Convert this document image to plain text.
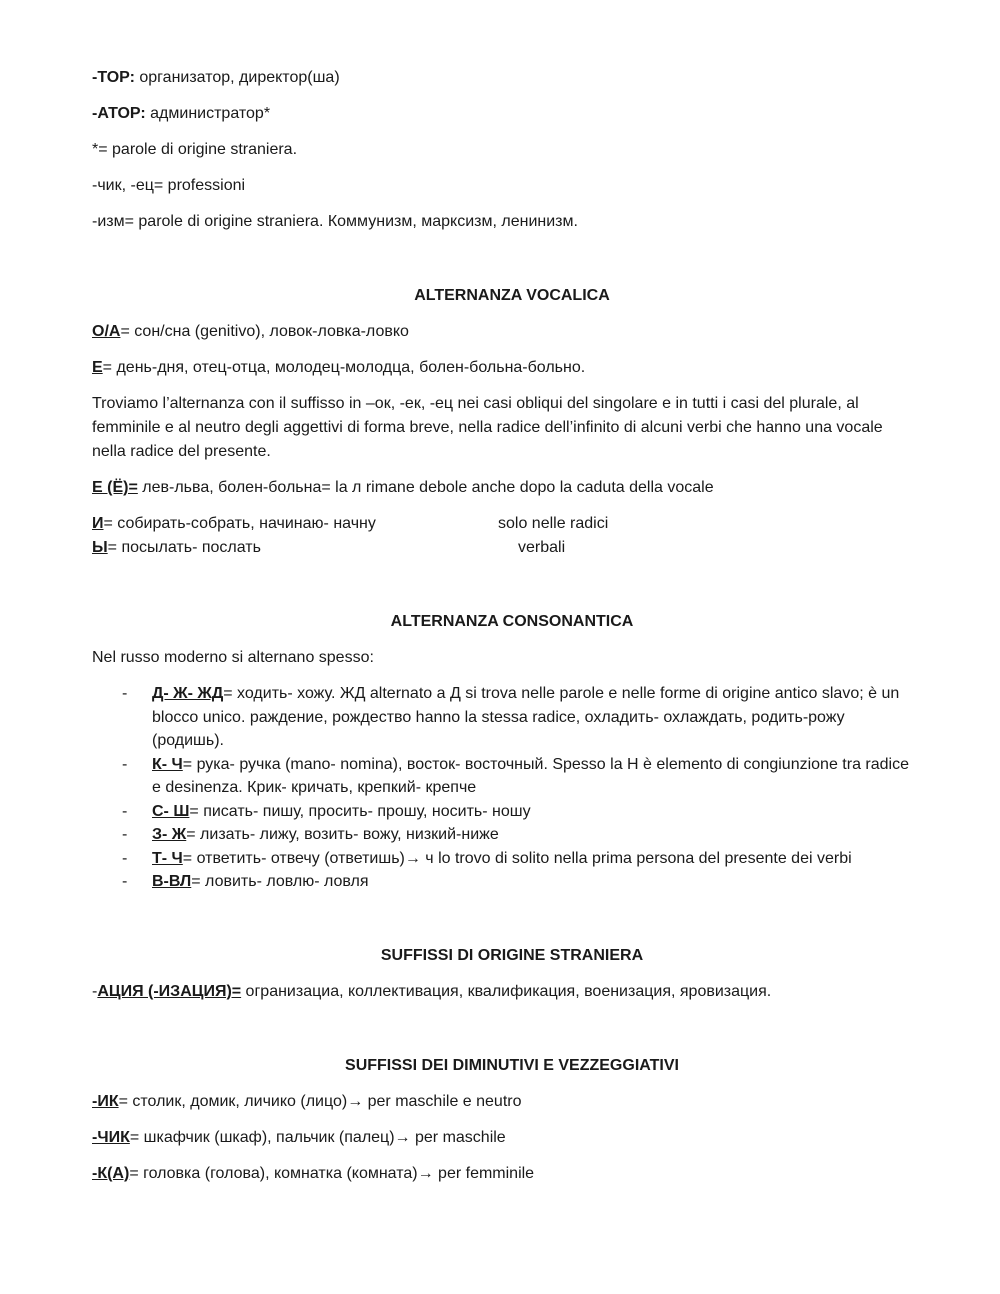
-ТОР: организатор, директор(ша)

-АТОР: администратор*

*= parole di origine straniera.

-чик, -ец= professioni

-изм= parole di origine straniera. Коммунизм, марксизм, ленинизм.

ALTERNANZA VOCALICA

О/А= сон/сна (genitivo), ловок-ловка-ловко

Е= день-дня, отец-отца, молодец-молодца, болен-больна-больно.

Troviamo l’alternanza con il suffisso in –ок, -ек, -ец nei casi obliqui del singolare e in tutti i casi del plurale, al

femminile e al neutro degli aggettivi di forma breve, nella radice dell’infinito di alcuni verbi che hanno una vocale

nella radice del presente.

Е (Ё)= лев-льва, болен-больна= la л rimane debole anche dopo la caduta della vocale

И= собирать-собрать, начинаю- начну	solo nelle radici
Ы= посылать- послать	verbali

ALTERNANZA CONSONANTICA

Nel russo moderno si alternano spesso:

- Д- Ж- ЖД= ходить- хожу. ЖД alternato a Д si trova nelle parole e nelle forme di origine antico slavo; è un
blocco unico. раждение, рождество hanno la stessa radice, охладить- охлаждать, родить-рожу
(родишь).
- К- Ч= рука- ручка (mano- nomina), восток- восточный. Spesso la Н è elemento di congiunzione tra radice
e desinenza. Крик- кричать, крепкий- крепче
- С- Ш= писать- пишу, просить- прошу, носить- ношу
- З- Ж= лизать- лижу, возить- вожу, низкий-ниже
- Т- Ч= ответить- отвечу (ответишь)→ ч lo trovo di solito nella prima persona del presente dei verbi
- В-ВЛ= ловить- ловлю- ловля

SUFFISSI DI ORIGINE STRANIERA

-АЦИЯ (-ИЗАЦИЯ)= огранизациa, коллективация, квалификация, военизация, яровизация.

SUFFISSI DEI DIMINUTIVI E VEZZEGGIATIVI

-ИК= столик, домик, личико (лицо)→ per maschile e neutro

-ЧИК= шкафчик (шкаф), пальчик (палец)→ per maschile

-К(А)= головка (голова), комнатка (комната)→ per femminile
